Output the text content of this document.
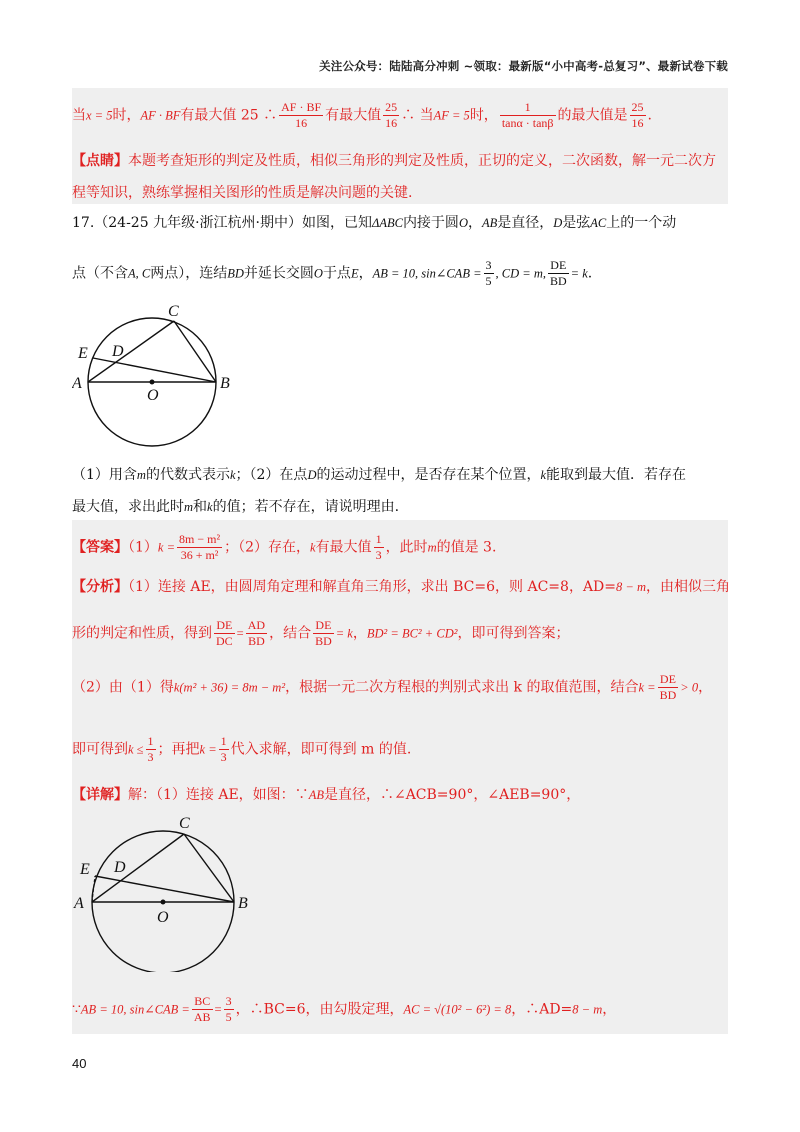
关注公众号：陆陆高分冲刺 ~领取：最新版“小中高考-总复习”、最新试卷下载
当x = 5时，AF · BF有最大值 25 ∴ $\frac{AF \cdot BF}{16}$ 有最大值 $\frac{25}{16}$ ∴ 当AF = 5时， $\frac{1}{\tan\alpha \cdot \tan\beta}$ 的最大值是 $\frac{25}{16}$ .
【点睛】本题考查矩形的判定及性质，相似三角形的判定及性质，正切的定义，二次函数，解一元二次方
程等知识，熟练掌握相关图形的性质是解决问题的关键.
17.（24-25 九年级·浙江杭州·期中）如图，已知ΔABC内接于圆O，AB是直径，D是弦AC上的一个动
点（不含A, C两点），连结BD并延长交圆O于点E，AB = 10, sin∠CAB = $\frac{3}{5}$ , CD = m, $\frac{DE}{BD} = k$.
A	B
C
D
E
O
（1）用含m的代数式表示k；（2）在点D的运动过程中，是否存在某个位置，k能取到最大值．若存在
最大值，求出此时m和k的值；若不存在，请说明理由.
【答案】$(1)k = \frac{\text{8m − m²}}{\text{36 + m²}}$ ；（2）存在，k有最大值 $\frac{1}{3}$ ，此时m的值是 3.
【分析】（1）连接 AE，由圆周角定理和解直角三角形，求出 BC=6，则 AC=8，AD=8 − m，由相似三角
形的判定和性质，得到 $\frac{DE}{DC} = \frac{AD}{BD}$ ，结合 $\frac{DE}{BD} = k$，BD² = BC² + CD²，即可得到答案；
（2）由（1）得k(m² + 36) = 8m − m²，根据一元二次方程根的判别式求出 k 的取值范围，结合$k = \frac{DE}{BD} > 0$，
即可得到$k \le \frac{1}{3}$ ；再把$k = \frac{1}{3}$ 代入求解，即可得到 m 的值.
【详解】解：（1）连接 AE，如图：∵AB是直径，∴∠ACB=90°，∠AEB=90°，
A	B
C
D
E
O
∵AB = 10, sin∠CAB = $\frac{BC}{AB} = \frac{3}{5}$ ，∴BC=6，由勾股定理，AC = √(10² − 6²) = 8，∴AD=8 − m，
40
